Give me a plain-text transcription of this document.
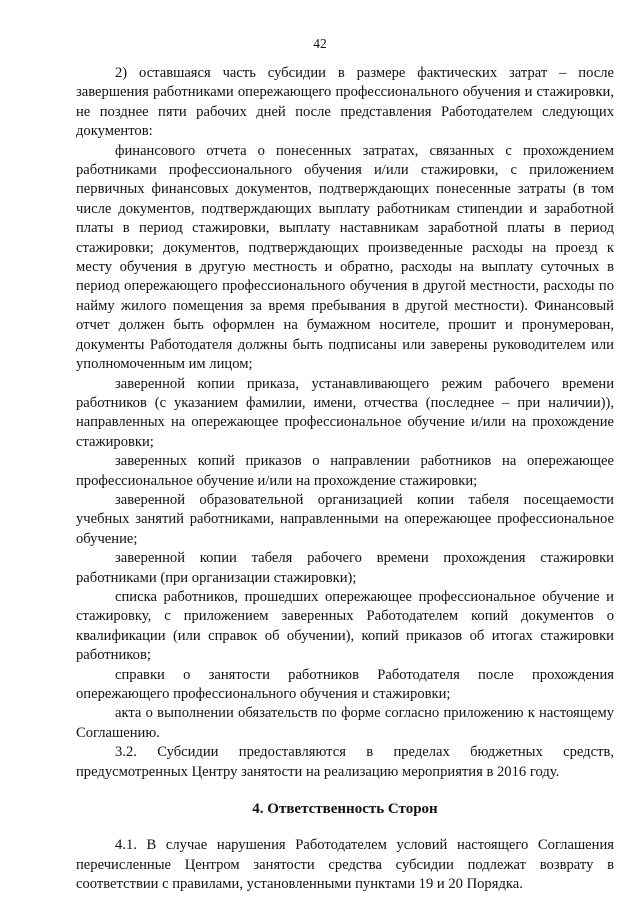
42

2) оставшаяся часть субсидии в размере фактических затрат – после завершения работниками опережающего профессионального обучения и стажировки, не позднее пяти рабочих дней после представления Работодателем следующих документов:

финансового отчета о понесенных затратах, связанных с прохождением работниками профессионального обучения и/или стажировки, с приложением первичных финансовых документов, подтверждающих понесенные затраты (в том числе документов, подтверждающих выплату работникам стипендии и заработной платы в период стажировки, выплату наставникам заработной платы в период стажировки; документов, подтверждающих произведенные расходы на проезд к месту обучения в другую местность и обратно, расходы на выплату суточных в период опережающего профессионального обучения в другой местности, расходы по найму жилого помещения за время пребывания в другой местности). Финансовый отчет должен быть оформлен на бумажном носителе, прошит и пронумерован, документы Работодателя должны быть подписаны или заверены руководителем или уполномоченным им лицом;

заверенной копии приказа, устанавливающего режим рабочего времени работников (с указанием фамилии, имени, отчества (последнее – при наличии)), направленных на опережающее профессиональное обучение и/или на прохождение стажировки;

заверенных копий приказов о направлении работников на опережающее профессиональное обучение и/или на прохождение стажировки;

заверенной образовательной организацией копии табеля посещаемости учебных занятий работниками, направленными на опережающее профессиональное обучение;

заверенной копии табеля рабочего времени прохождения стажировки работниками (при организации стажировки);

списка работников, прошедших опережающее профессиональное обучение и стажировку, с приложением заверенных Работодателем копий документов о квалификации (или справок об обучении), копий приказов об итогах стажировки работников;

справки о занятости работников Работодателя после прохождения опережающего профессионального обучения и стажировки;

акта о выполнении обязательств по форме согласно приложению к настоящему Соглашению.

3.2. Субсидии предоставляются в пределах бюджетных средств, предусмотренных Центру занятости на реализацию мероприятия в 2016 году.

4. Ответственность Сторон

4.1. В случае нарушения Работодателем условий настоящего Соглашения перечисленные Центром занятости средства субсидии подлежат возврату в соответствии с правилами, установленными пунктами 19 и 20 Порядка.
